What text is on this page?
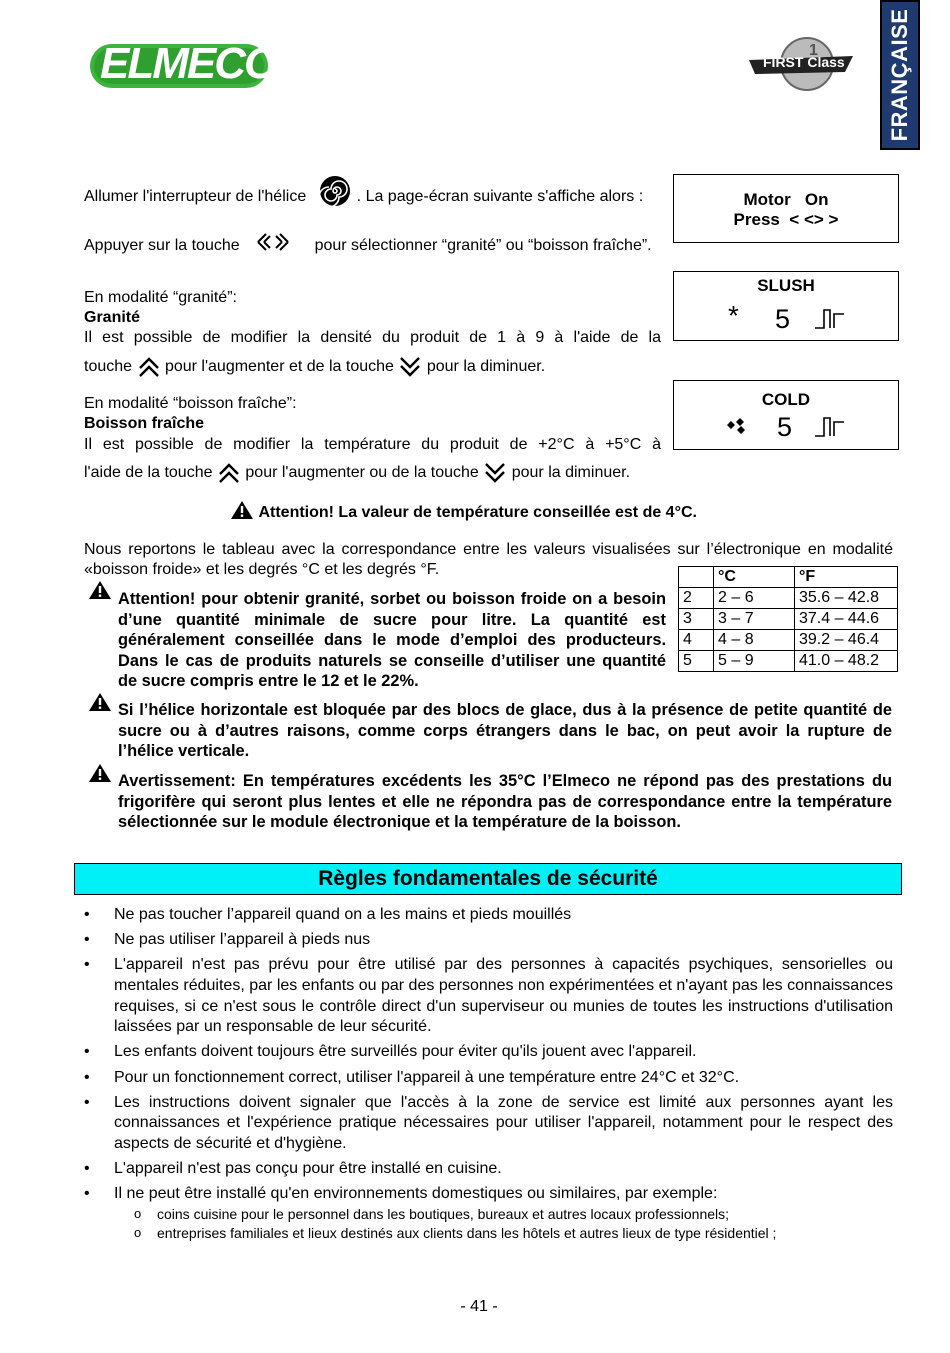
ELMECO	1
FIRST Class FRANÇAISE
Allumer l'interrupteur de l'hélice	. La page-écran suivante s'affiche alors :
Appuyer sur la touche	pour sélectionner “granité” ou “boisson fraîche”.
En modalité “granité”:
Granité
Il est possible de modifier la densité du produit de 1 à 9 à l'aide de la
touche pour l'augmenter et de la touche pour la diminuer.
En modalité “boisson fraîche”:
Boisson fraîche
Il est possible de modifier la température du produit de +2°C à +5°C à
l'aide de la touche pour l'augmenter ou de la touche pour la diminuer.
Motor   On
Press  < <> >
SLUSH
* 5
COLD
5
Attention! La valeur de température conseillée est de 4°C.
Nous reportons le tableau avec la correspondance entre les valeurs visualisées sur l’électronique en modalité «boisson froide» et les degrés °C et les degrés °F.
		°C	°F
2	2 – 6	35.6 – 42.8
3	3 – 7	37.4 – 44.6
4	4 – 8	39.2 – 46.4
5	5 – 9	41.0 – 48.2
Attention! pour obtenir granité, sorbet ou boisson froide on a besoin d’une quantité minimale de sucre pour litre. La quantité est généralement conseillée dans le mode d’emploi des producteurs. Dans le cas de produits naturels se conseille d’utiliser une quantité de sucre compris entre le 12 et le 22%.
Si l’hélice horizontale est bloquée par des blocs de glace, dus à la présence de petite quantité de sucre ou à d’autres raisons, comme corps étrangers dans le bac, on peut avoir la rupture de l’hélice verticale.
Avertissement: En températures excédents les 35°C l’Elmeco ne répond pas des prestations du frigorifère qui seront plus lentes et elle ne répondra pas de correspondance entre la température sélectionnée sur le module électronique et la température de la boisson.
Règles fondamentales de sécurité
• Ne pas toucher l’appareil quand on a les mains et pieds mouillés
• Ne pas utiliser l’appareil à pieds nus
• L'appareil n'est pas prévu pour être utilisé par des personnes à capacités psychiques, sensorielles ou mentales réduites, par les enfants ou par des personnes non expérimentées et n'ayant pas les connaissances requises, si ce n'est sous le contrôle direct d'un superviseur ou munies de toutes les instructions d'utilisation laissées par un responsable de leur sécurité.
• Les enfants doivent toujours être surveillés pour éviter qu'ils jouent avec l'appareil.
• Pour un fonctionnement correct, utiliser l'appareil à une température entre 24°C et 32°C.
• Les instructions doivent signaler que l'accès à la zone de service est limité aux personnes ayant les connaissances et l'expérience pratique nécessaires pour utiliser l'appareil, notamment pour le respect des aspects de sécurité et d'hygiène.
• L'appareil n'est pas conçu pour être installé en cuisine.
• Il ne peut être installé qu'en environnements domestiques ou similaires, par exemple:
o coins cuisine pour le personnel dans les boutiques, bureaux et autres locaux professionnels;
o entreprises familiales et lieux destinés aux clients dans les hôtels et autres lieux de type résidentiel ;
- 41 -
